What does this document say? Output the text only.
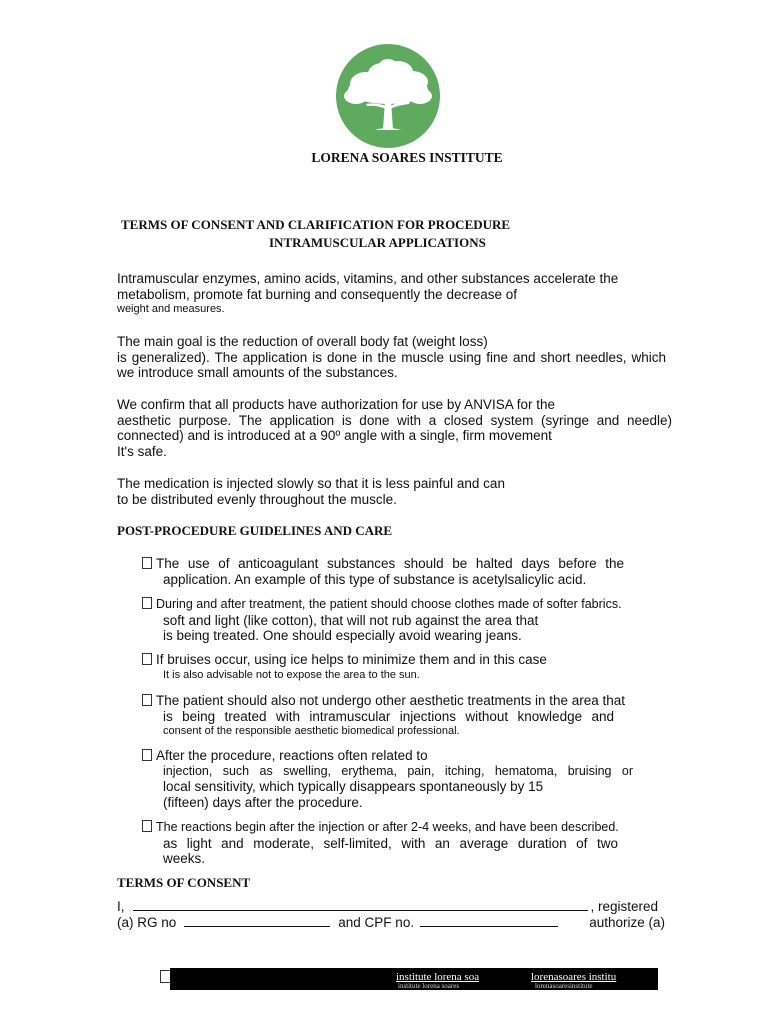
LORENA SOARES INSTITUTE
TERMS OF CONSENT AND CLARIFICATION FOR PROCEDURE
INTRAMUSCULAR APPLICATIONS
Intramuscular enzymes, amino acids, vitamins, and other substances accelerate the
metabolism, promote fat burning and consequently the decrease of
weight and measures.
The main goal is the reduction of overall body fat (weight loss)
is generalized). The application is done in the muscle using fine and short needles, which
we introduce small amounts of the substances.
We confirm that all products have authorization for use by ANVISA for the
aesthetic purpose. The application is done with a closed system (syringe and needle)
connected) and is introduced at a 90º angle with a single, firm movement
It's safe.
The medication is injected slowly so that it is less painful and can
to be distributed evenly throughout the muscle.
POST-PROCEDURE GUIDELINES AND CARE
The use of anticoagulant substances should be halted days before the
application. An example of this type of substance is acetylsalicylic acid.
During and after treatment, the patient should choose clothes made of softer fabrics.
soft and light (like cotton), that will not rub against the area that
is being treated. One should especially avoid wearing jeans.
If bruises occur, using ice helps to minimize them and in this case
It is also advisable not to expose the area to the sun.
The patient should also not undergo other aesthetic treatments in the area that
is being treated with intramuscular injections without knowledge and
consent of the responsible aesthetic biomedical professional.
After the procedure, reactions often related to
injection, such as swelling, erythema, pain, itching, hematoma, bruising or
local sensitivity, which typically disappears spontaneously by 15
(fifteen) days after the procedure.
The reactions begin after the injection or after 2-4 weeks, and have been described.
as light and moderate, self-limited, with an average duration of two
weeks.
TERMS OF CONSENT
I,	, registered
(a) RG no	and CPF no.	authorize (a)
institute lorena soa	lorenasoares institu
institute lorena soares	lorenasoaresinstitute
